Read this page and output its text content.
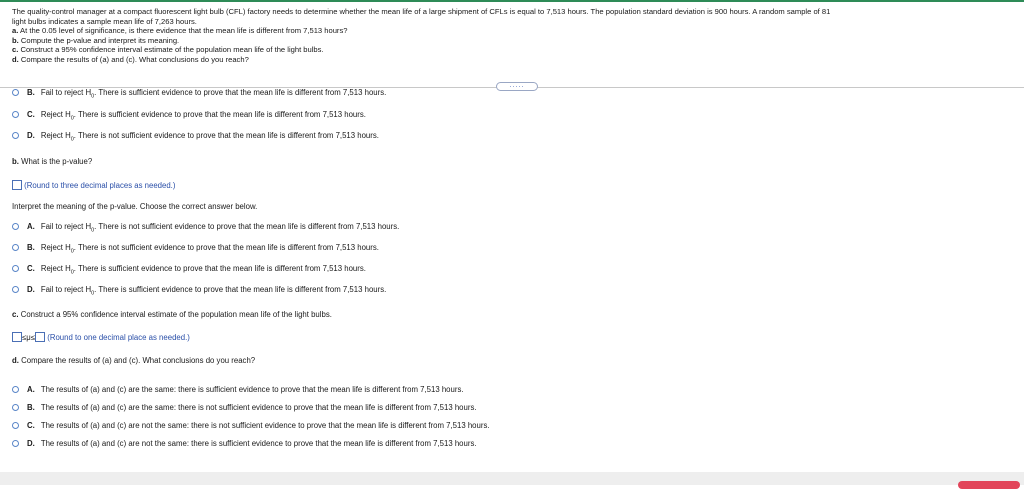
The quality-control manager at a compact fluorescent light bulb (CFL) factory needs to determine whether the mean life of a large shipment of CFLs is equal to 7,513 hours. The population standard deviation is 900 hours. A random sample of 81
light bulbs indicates a sample mean life of 7,263 hours.
a. At the 0.05 level of significance, is there evidence that the mean life is different from 7,513 hours?
b. Compute the p-value and interpret its meaning.
c. Construct a 95% confidence interval estimate of the population mean life of the light bulbs.
d. Compare the results of (a) and (c). What conclusions do you reach?
.....
B. Fail to reject $H_0$. There is sufficient evidence to prove that the mean life is different from 7,513 hours.
C. Reject $H_0$. There is sufficient evidence to prove that the mean life is different from 7,513 hours.
D. Reject $H_0$. There is not sufficient evidence to prove that the mean life is different from 7,513 hours.
b. What is the p-value?
(Round to three decimal places as needed.)
Interpret the meaning of the p-value. Choose the correct answer below.
A. Fail to reject $H_0$. There is not sufficient evidence to prove that the mean life is different from 7,513 hours.
B. Reject $H_0$. There is not sufficient evidence to prove that the mean life is different from 7,513 hours.
C. Reject $H_0$. There is sufficient evidence to prove that the mean life is different from 7,513 hours.
D. Fail to reject $H_0$. There is sufficient evidence to prove that the mean life is different from 7,513 hours.
c. Construct a 95% confidence interval estimate of the population mean life of the light bulbs.
≤μ≤ (Round to one decimal place as needed.)
d. Compare the results of (a) and (c). What conclusions do you reach?
A. The results of (a) and (c) are the same: there is sufficient evidence to prove that the mean life is different from 7,513 hours.
B. The results of (a) and (c) are the same: there is not sufficient evidence to prove that the mean life is different from 7,513 hours.
C. The results of (a) and (c) are not the same: there is not sufficient evidence to prove that the mean life is different from 7,513 hours.
D. The results of (a) and (c) are not the same: there is sufficient evidence to prove that the mean life is different from 7,513 hours.
